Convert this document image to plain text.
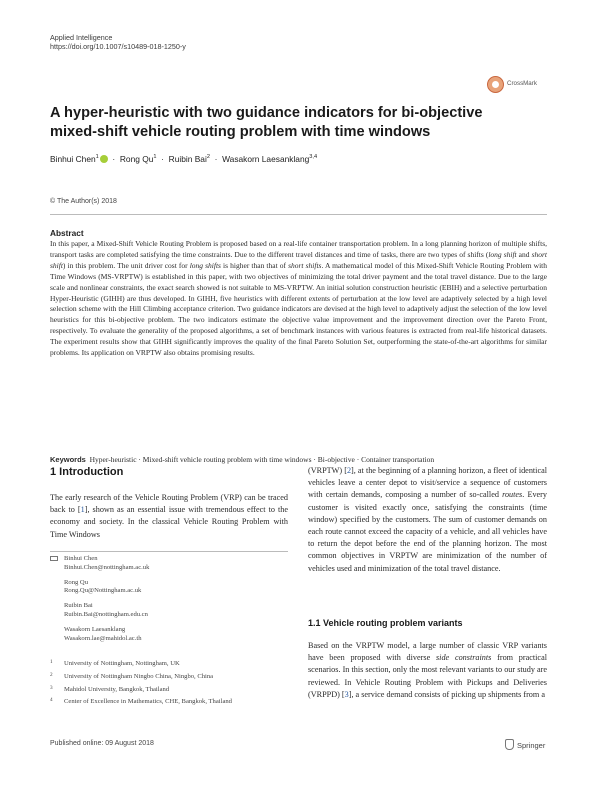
Applied Intelligence
https://doi.org/10.1007/s10489-018-1250-y
CrossMark
A hyper-heuristic with two guidance indicators for bi-objective mixed-shift vehicle routing problem with time windows
Binhui Chen$^1$  ·  Rong Qu$^1$  ·  Ruibin Bai$^2$  ·  Wasakorn Laesanklang$^{3,4}$
© The Author(s) 2018
Abstract
In this paper, a Mixed-Shift Vehicle Routing Problem is proposed based on a real-life container transportation problem. In a long planning horizon of multiple shifts, transport tasks are completed satisfying the time constraints. Due to the different travel distances and time of tasks, there are two types of shifts (long shift and short shift) in this problem. The unit driver cost for long shifts is higher than that of short shifts. A mathematical model of this Mixed-Shift Vehicle Routing Problem with Time Windows (MS-VRPTW) is established in this paper, with two objectives of minimizing the total driver payment and the total travel distance. Due to the large scale and nonlinear constraints, the exact search showed is not suitable to MS-VRPTW. An initial solution construction heuristic (EBIH) and a selective perturbation Hyper-Heuristic (GIHH) are thus developed. In GIHH, five heuristics with different extents of perturbation at the low level are adaptively selected by a high level selection scheme with the Hill Climbing acceptance criterion. Two guidance indicators are devised at the high level to adaptively adjust the selection of the low level heuristics for this bi-objective problem. The two indicators estimate the objective value improvement and the improvement direction over the Pareto Front, respectively. To evaluate the generality of the proposed algorithms, a set of benchmark instances with various features is extracted from real-life historical datasets. The experiment results show that GIHH significantly improves the quality of the final Pareto Solution Set, outperforming the state-of-the-art algorithms for similar problems. Its application on VRPTW also obtains promising results.
Keywords Hyper-heuristic · Mixed-shift vehicle routing problem with time windows · Bi-objective · Container transportation
1 Introduction
The early research of the Vehicle Routing Problem (VRP) can be traced back to [1], shown as an essential issue with tremendous effect to the economy and society. In the classical Vehicle Routing Problem with Time Windows
(VRPTW) [2], at the beginning of a planning horizon, a fleet of identical vehicles leave a center depot to visit/service a sequence of customers with certain demands, composing a number of so-called routes. Every customer is visited exactly once, satisfying the constraints (time window) specified by the customers. The sum of customer demands on each route cannot exceed the capacity of a vehicle, and all vehicles have to return the depot before the end of the planning horizon. The most common objectives in VRPTW are minimization of the number of vehicles used and minimization of the total travel distance.
1.1 Vehicle routing problem variants
Based on the VRPTW model, a large number of classic VRP variants have been proposed with diverse side constraints from practical scenarios. In this section, only the most relevant variants to our study are reviewed. In Vehicle Routing Problem with Pickups and Deliveries (VRPPD) [3], a service demand consists of picking up shipments from a
Binhui Chen
Binhui.Chen@nottingham.ac.uk
Rong Qu
Rong.Qu@Nottingham.ac.uk
Ruibin Bai
Ruibin.Bai@nottingham.edu.cn
Wasakorn Laesanklang
Wasakorn.lae@mahidol.ac.th
1 University of Nottingham, Nottingham, UK
2 University of Nottingham Ningbo China, Ningbo, China
3 Mahidol University, Bangkok, Thailand
4 Center of Excellence in Mathematics, CHE, Bangkok, Thailand
Published online: 09 August 2018	Springer
